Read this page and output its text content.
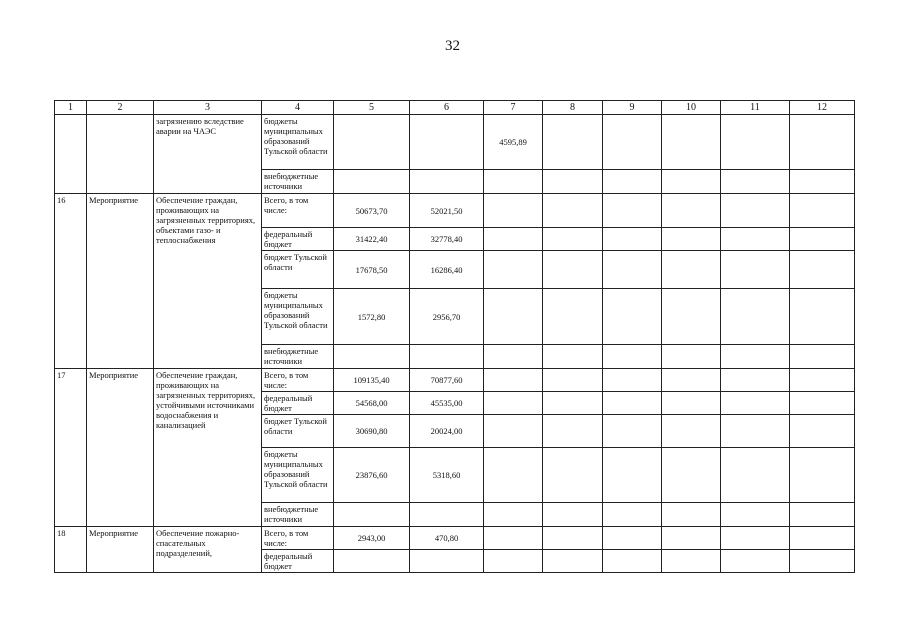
32
1	2	3	4	5	6	7	8	9	10	11	12
		загрязнению вследствие аварии на ЧАЭС	бюджеты муниципальных образований Тульской области			4595,89					
			внебюджетные источники								
16	Мероприятие	Обеспечение граждан, проживающих на загрязненных территориях, объектами газо- и теплоснабжения	Всего, в том числе:	50673,70	52021,50						
			федеральный бюджет	31422,40	32778,40						
			бюджет Тульской области	17678,50	16286,40						
			бюджеты муниципальных образований Тульской области	1572,80	2956,70						
			внебюджетные источники								
17	Мероприятие	Обеспечение граждан, проживающих на загрязненных территориях, устойчивыми источниками водоснабжения и канализацией	Всего, в том числе:	109135,40	70877,60						
			федеральный бюджет	54568,00	45535,00						
			бюджет Тульской области	30690,80	20024,00						
			бюджеты муниципальных образований Тульской области	23876,60	5318,60						
			внебюджетные источники								
18	Мероприятие	Обеспечение пожарно-спасательных подразделений,	Всего, в том числе:	2943,00	470,80						
			федеральный бюджет								
